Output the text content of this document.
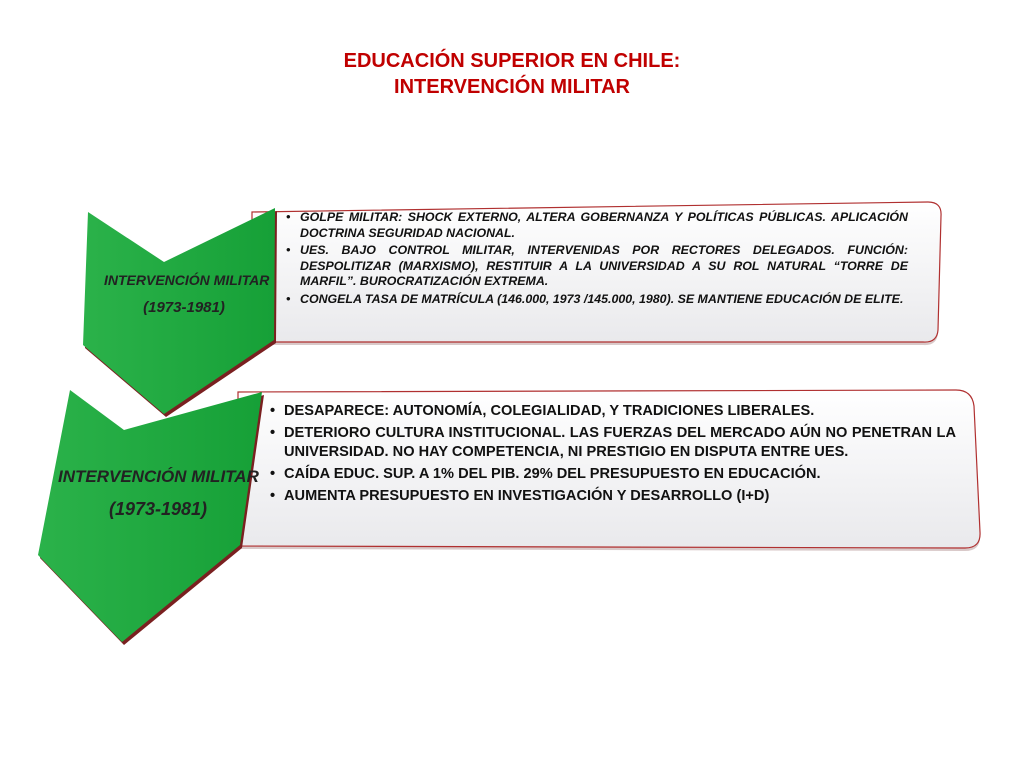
EDUCACIÓN SUPERIOR EN CHILE:
INTERVENCIÓN MILITAR
INTERVENCIÓN MILITAR
(1973-1981)
• GOLPE MILITAR: SHOCK EXTERNO, ALTERA GOBERNANZA Y POLÍTICAS PÚBLICAS. APLICACIÓN DOCTRINA SEGURIDAD NACIONAL.
• UES. BAJO CONTROL MILITAR, INTERVENIDAS POR RECTORES DELEGADOS. FUNCIÓN: DESPOLITIZAR (MARXISMO), RESTITUIR A LA UNIVERSIDAD A SU ROL NATURAL “TORRE DE MARFIL”. BUROCRATIZACIÓN EXTREMA.
• CONGELA TASA DE MATRÍCULA (146.000, 1973 /145.000, 1980). SE MANTIENE EDUCACIÓN DE ELITE.
INTERVENCIÓN MILITAR
(1973-1981)
• DESAPARECE: AUTONOMÍA, COLEGIALIDAD, Y TRADICIONES LIBERALES.
• DETERIORO CULTURA INSTITUCIONAL. LAS FUERZAS DEL MERCADO AÚN NO PENETRAN LA UNIVERSIDAD. NO HAY COMPETENCIA, NI PRESTIGIO EN DISPUTA ENTRE UES.
• CAÍDA EDUC. SUP. A 1% DEL PIB. 29% DEL PRESUPUESTO EN EDUCACIÓN.
• AUMENTA PRESUPUESTO EN INVESTIGACIÓN Y DESARROLLO (I+D)
